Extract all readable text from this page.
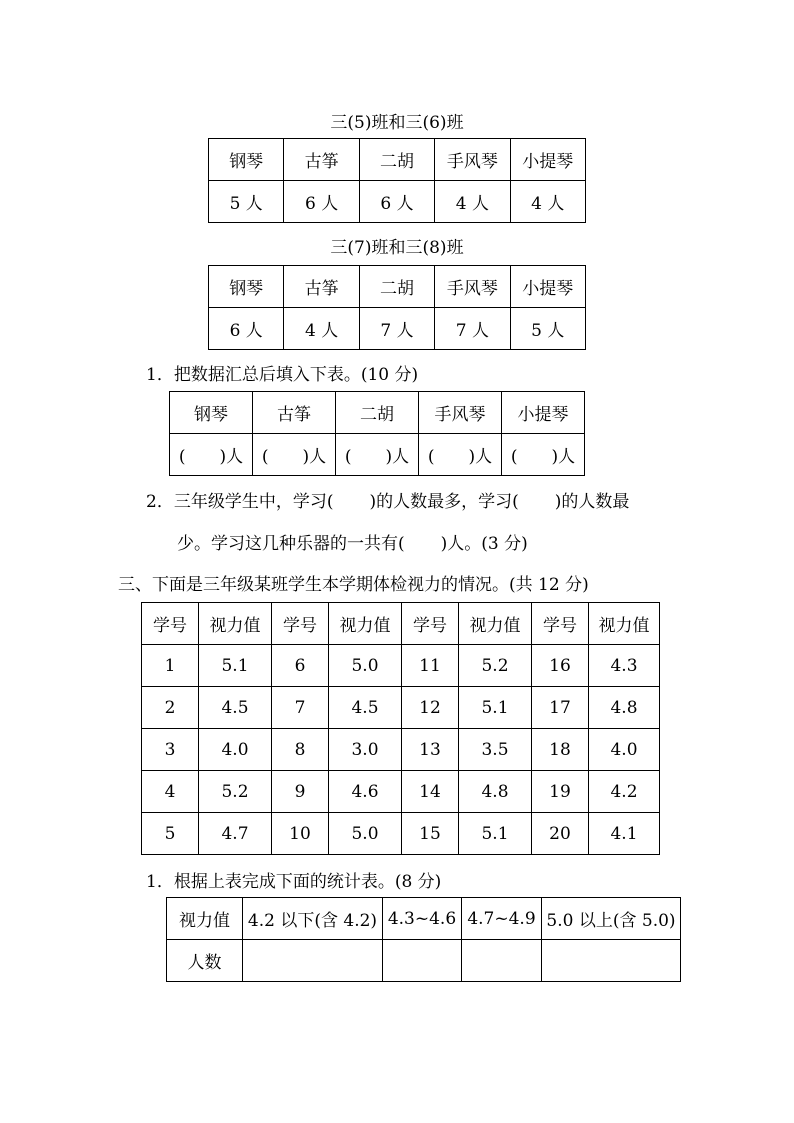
三(5)班和三(6)班
钢琴	古筝	二胡	手风琴	小提琴
5 人	6 人	6 人	4 人	4 人
三(7)班和三(8)班
钢琴	古筝	二胡	手风琴	小提琴
6 人	4 人	7 人	7 人	5 人
1．把数据汇总后填入下表。(10 分)
钢琴	古筝	二胡	手风琴	小提琴
( )人	( )人	( )人	( )人	( )人
2．三年级学生中，学习( )的人数最多，学习( )的人数最
少。学习这几种乐器的一共有( )人。(3 分)
三、下面是三年级某班学生本学期体检视力的情况。(共 12 分)
学号	视力值	学号	视力值	学号	视力值	学号	视力值
1	5.1	6	5.0	11	5.2	16	4.3
2	4.5	7	4.5	12	5.1	17	4.8
3	4.0	8	3.0	13	3.5	18	4.0
4	5.2	9	4.6	14	4.8	19	4.2
5	4.7	10	5.0	15	5.1	20	4.1
1．根据上表完成下面的统计表。(8 分)
视力值	4.2 以下(含 4.2)	4.3~4.6	4.7~4.9	5.0 以上(含 5.0)
人数				
